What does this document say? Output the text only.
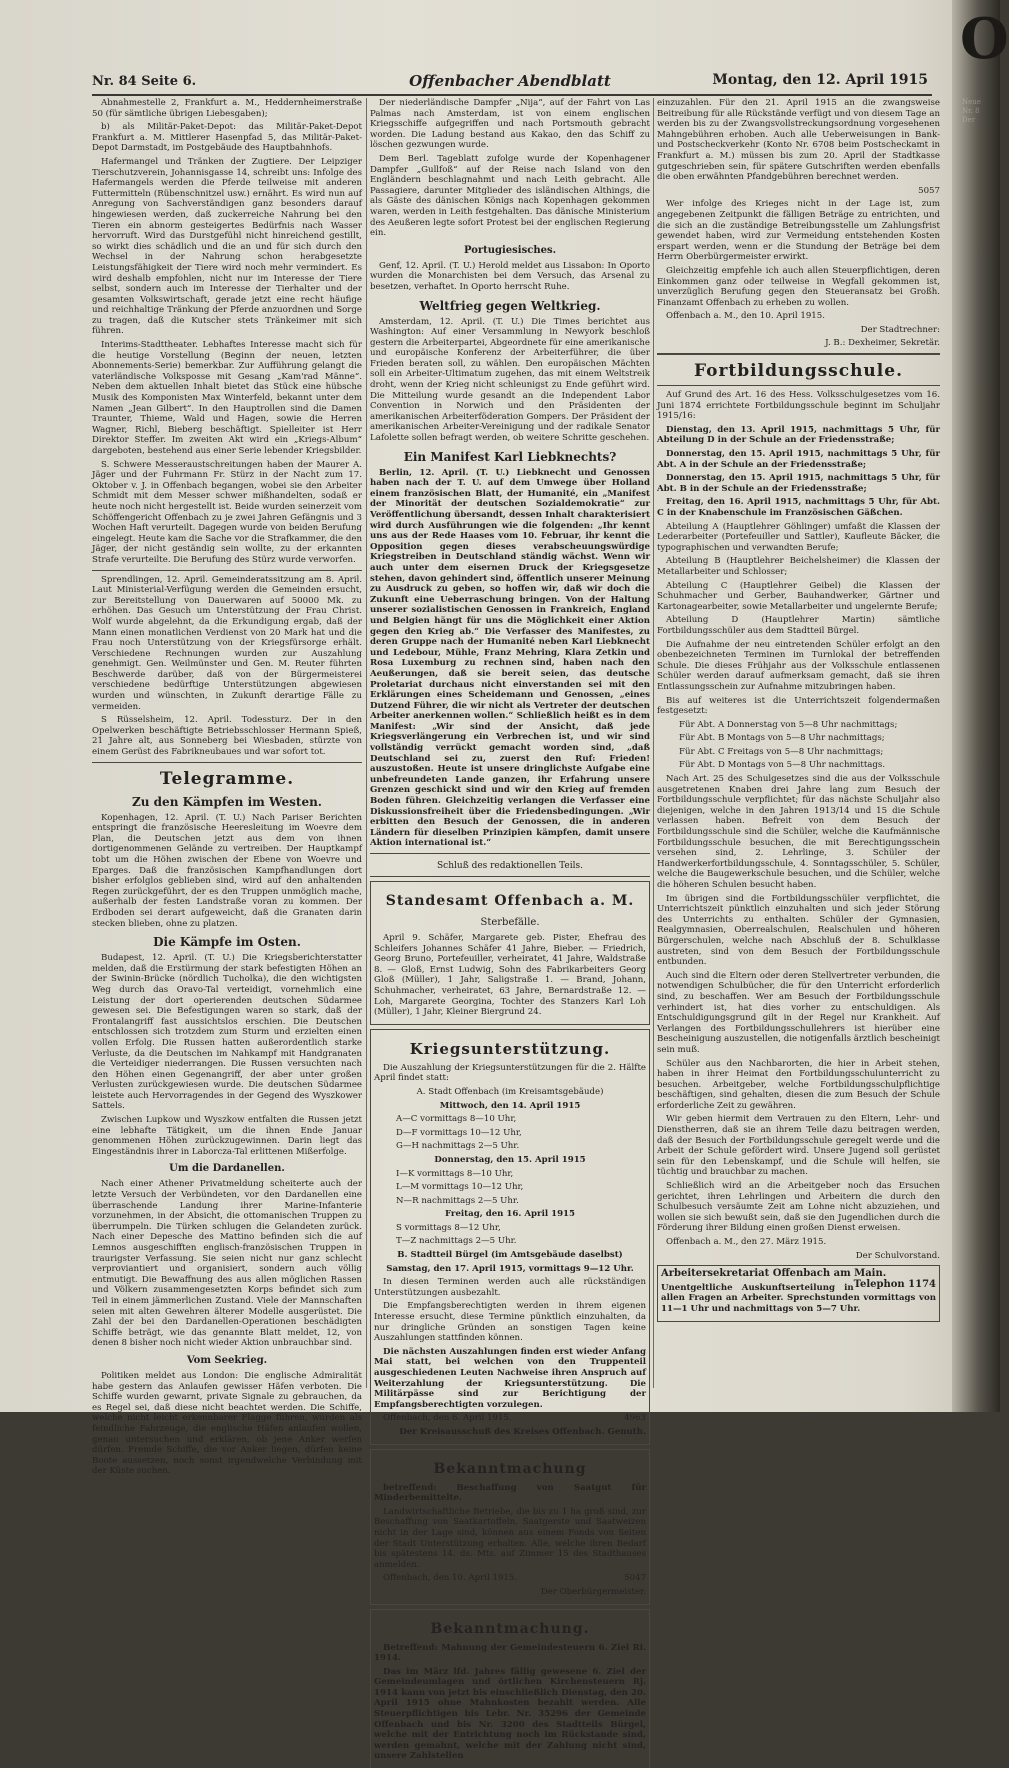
O
Nr. 84 Seite 6.	Offenbacher Abendblatt	Montag, den 12. April 1915

Abnahmestelle 2, Frankfurt a. M., Heddernheimerstraße 50 (für sämtliche übrigen Liebesgaben);

b) als Militär-Paket-Depot: das Militär-Paket-Depot Frankfurt a. M. Mittlerer Hasenpfad 5, das Militär-Paket-Depot Darmstadt, im Postgebäude des Hauptbahnhofs.

Hafermangel und Tränken der Zugtiere. Der Leipziger Tierschutzverein, Johannisgasse 14, schreibt uns: Infolge des Hafermangels werden die Pferde teilweise mit anderen Futtermitteln (Rübenschnitzel usw.) ernährt. Es wird nun auf Anregung von Sachverständigen ganz besonders darauf hingewiesen werden, daß zuckerreiche Nahrung bei den Tieren ein abnorm gesteigertes Bedürfnis nach Wasser hervorruft. Wird das Durstgefühl nicht hinreichend gestillt, so wirkt dies schädlich und die an und für sich durch den Wechsel in der Nahrung schon herabgesetzte Leistungsfähigkeit der Tiere wird noch mehr vermindert. Es wird deshalb empfohlen, nicht nur im Interesse der Tiere selbst, sondern auch im Interesse der Tierhalter und der gesamten Volkswirtschaft, gerade jetzt eine recht häufige und reichhaltige Tränkung der Pferde anzuordnen und Sorge zu tragen, daß die Kutscher stets Tränkeimer mit sich führen.

Interims-Stadttheater. Lebhaftes Interesse macht sich für die heutige Vorstellung (Beginn der neuen, letzten Abonnements-Serie) bemerkbar. Zur Aufführung gelangt die vaterländische Volksposse mit Gesang „Kam'rad Männe“. Neben dem aktuellen Inhalt bietet das Stück eine hübsche Musik des Komponisten Max Winterfeld, bekannt unter dem Namen „Jean Gilbert“. In den Hauptrollen sind die Damen Traunter, Thieme, Wald und Hagen, sowie die Herren Wagner, Richl, Bieberg beschäftigt. Spielleiter ist Herr Direktor Steffer. Im zweiten Akt wird ein „Kriegs-Album“ dargeboten, bestehend aus einer Serie lebender Kriegsbilder.

S. Schwere Messeraustschreitungen haben der Maurer A. Jäger und der Fuhrmann Fr. Stürz in der Nacht zum 17. Oktober v. J. in Offenbach begangen, wobei sie den Arbeiter Schmidt mit dem Messer schwer mißhandelten, sodaß er heute noch nicht hergestellt ist. Beide wurden seinerzeit vom Schöffengericht Offenbach zu je zwei Jahren Gefängnis und 3 Wochen Haft verurteilt. Dagegen wurde von beiden Berufung eingelegt. Heute kam die Sache vor die Strafkammer, die den Jäger, der nicht geständig sein wollte, zu der erkannten Strafe verurteilte. Die Berufung des Stürz wurde verworfen.

Sprendlingen, 12. April. Gemeinderatssitzung am 8. April. Laut Ministerial-Verfügung werden die Gemeinden ersucht, zur Bereitstellung von Dauerwaren auf 50000 Mk. zu erhöhen. Das Gesuch um Unterstützung der Frau Christ. Wolf wurde abgelehnt, da die Erkundigung ergab, daß der Mann einen monatlichen Verdienst von 20 Mark hat und die Frau noch Unterstützung von der Kriegsfürsorge erhält. Verschiedene Rechnungen wurden zur Auszahlung genehmigt. Gen. Weilmünster und Gen. M. Reuter führten Beschwerde darüber, daß von der Bürgermeisterei verschiedene bedürftige Unterstützungen abgewiesen wurden und wünschten, in Zukunft derartige Fälle zu vermeiden.

S Rüsselsheim, 12. April. Todessturz. Der in den Opelwerken beschäftigte Betriebsschlosser Hermann Spieß, 21 Jahre alt, aus Sonneberg bei Wiesbaden, stürzte von einem Gerüst des Fabrikneubaues und war sofort tot.

Telegramme.
Zu den Kämpfen im Westen.

Kopenhagen, 12. April. (T. U.) Nach Pariser Berichten entspringt die französische Heeresleitung im Woevre dem Plan, die Deutschen jetzt aus dem von ihnen dortigenommenen Gelände zu vertreiben. Der Hauptkampf tobt um die Höhen zwischen der Ebene von Woevre und Eparges. Daß die französischen Kampfhandlungen dort bisher erfolglos geblieben sind, wird auf den anhaltenden Regen zurückgeführt, der es den Truppen unmöglich mache, außerhalb der festen Landstraße voran zu kommen. Der Erdboden sei derart aufgeweicht, daß die Granaten darin stecken blieben, ohne zu platzen.

Die Kämpfe im Osten.

Budapest, 12. April. (T. U.) Die Kriegsberichterstatter melden, daß die Erstürmung der stark befestigten Höhen an der Swinin-Brücke (nördlich Tucholka), die den wichtigsten Weg durch das Oravo-Tal verteidigt, vornehmlich eine Leistung der dort operierenden deutschen Südarmee gewesen sei. Die Befestigungen waren so stark, daß der Frontalangriff fast aussichtslos erschien. Die Deutschen entschlossen sich trotzdem zum Sturm und erzielten einen vollen Erfolg. Die Russen hatten außerordentlich starke Verluste, da die Deutschen im Nahkampf mit Handgranaten die Verteidiger niederrangen. Die Russen versuchten nach den Höhen einen Gegenangriff, der aber unter großen Verlusten zurückgewiesen wurde. Die deutschen Südarmee leistete auch Hervorragendes in der Gegend des Wyszkower Sattels.

Zwischen Lupkow und Wyszkow entfalten die Russen jetzt eine lebhafte Tätigkeit, um die ihnen Ende Januar genommenen Höhen zurückzugewinnen. Darin liegt das Eingeständnis ihrer in Laborcza-Tal erlittenen Mißerfolge.

Um die Dardanellen.

Nach einer Athener Privatmeldung scheiterte auch der letzte Versuch der Verbündeten, vor den Dardanellen eine überraschende Landung ihrer Marine-Infanterie vorzunehmen, in der Absicht, die ottomanischen Truppen zu überrumpeln. Die Türken schlugen die Gelandeten zurück. Nach einer Depesche des Mattino befinden sich die auf Lemnos ausgeschifften englisch-französischen Truppen in traurigster Verfassung. Sie seien nicht nur ganz schlecht verproviantiert und organisiert, sondern auch völlig entmutigt. Die Bewaffnung des aus allen möglichen Rassen und Völkern zusammengesetzten Korps befindet sich zum Teil in einem jämmerlichen Zustand. Viele der Mannschaften seien mit alten Gewehren älterer Modelle ausgerüstet. Die Zahl der bei den Dardanellen-Operationen beschädigten Schiffe beträgt, wie das genannte Blatt meldet, 12, von denen 8 bisher noch nicht wieder Aktion unbrauchbar sind.

Vom Seekrieg.

Politiken meldet aus London: Die englische Admiralität habe gestern das Anlaufen gewisser Häfen verboten. Die Schiffe wurden gewarnt, private Signale zu gebrauchen, da es Regel sei, daß diese nicht beachtet werden. Die Schiffe, welche nicht leicht erkennbarer Flagge führen, würden als feindliche Fahrzeuge, die englische Häfen anlaufen wollen, genau untersuchen und erklären, ob jene Anker werfen dürfen. Fremde Schiffe, die vor Anker liegen, dürfen keine Boote aussetzen, noch sonst irgendwelche Verbindung mit der Küste suchen.

Der niederländische Dampfer „Nija“, auf der Fahrt von Las Palmas nach Amsterdam, ist von einem englischen Kriegsschiffe aufgegriffen und nach Portsmouth gebracht worden. Die Ladung bestand aus Kakao, den das Schiff zu löschen gezwungen wurde.

Dem Berl. Tageblatt zufolge wurde der Kopenhagener Dampfer „Gullfoß“ auf der Reise nach Island von den Engländern beschlagnahmt und nach Leith gebracht. Alle Passagiere, darunter Mitglieder des isländischen Althings, die als Gäste des dänischen Königs nach Kopenhagen gekommen waren, werden in Leith festgehalten. Das dänische Ministerium des Aeußeren legte sofort Protest bei der englischen Regierung ein.

Portugiesisches.

Genf, 12. April. (T. U.) Herold meldet aus Lissabon: In Oporto wurden die Monarchisten bei dem Versuch, das Arsenal zu besetzen, verhaftet. In Oporto herrscht Ruhe.

Weltfrieg gegen Weltkrieg.

Amsterdam, 12. April. (T. U.) Die Times berichtet aus Washington: Auf einer Versammlung in Newyork beschloß gestern die Arbeiterpartei, Abgeordnete für eine amerikanische und europäische Konferenz der Arbeiterführer, die über Frieden beraten soll, zu wählen. Den europäischen Mächten soll ein Arbeiter-Ultimatum zugehen, das mit einem Weltstreik droht, wenn der Krieg nicht schleunigst zu Ende geführt wird. Die Mitteilung wurde gesandt an die Independent Labor Convention in Norwich und den Präsidenten der amerikanischen Arbeiterföderation Gompers. Der Präsident der amerikanischen Arbeiter-Vereinigung und der radikale Senator Lafolette sollen befragt werden, ob weitere Schritte geschehen.

Ein Manifest Karl Liebknechts?

Berlin, 12. April. (T. U.) Liebknecht und Genossen haben nach der T. U. auf dem Umwege über Holland einem französischen Blatt, der Humanité, ein „Manifest der Minorität der deutschen Sozialdemokratie“ zur Veröffentlichung übersandt, dessen Inhalt charakterisiert wird durch Ausführungen wie die folgenden: „Ihr kennt uns aus der Rede Haases vom 10. Februar, ihr kennt die Opposition gegen dieses verabscheuungswürdige Kriegstreiben in Deutschland ständig wächst. Wenn wir auch unter dem eisernen Druck der Kriegsgesetze stehen, davon gehindert sind, öffentlich unserer Meinung zu Ausdruck zu geben, so hoffen wir, daß wir doch die Zukunft eine Ueberraschung bringen. Von der Haltung unserer sozialistischen Genossen in Frankreich, England und Belgien hängt für uns die Möglichkeit einer Aktion gegen den Krieg ab.“ Die Verfasser des Manifestes, zu deren Gruppe nach der Humanité neben Karl Liebknecht und Ledebour, Mühle, Franz Mehring, Klara Zetkin und Rosa Luxemburg zu rechnen sind, haben nach den Aeußerungen, daß sie bereit seien, das deutsche Proletariat durchaus nicht einverstanden sei mit den Erklärungen eines Scheidemann und Genossen, „eines Dutzend Führer, die wir nicht als Vertreter der deutschen Arbeiter anerkennen wollen.“ Schließlich heißt es in dem Manifest: „Wir sind der Ansicht, daß jede Kriegsverlängerung ein Verbrechen ist, und wir sind vollständig verrückt gemacht worden sind, „daß Deutschland sei zu, zuerst den Ruf: Frieden! auszustoßen. Heute ist unsere dringlichste Aufgabe eine unbefreundeten Lande ganzen, ihr Erfahrung unsere Grenzen geschickt sind und wir den Krieg auf fremden Boden führen. Gleichzeitig verlangen die Verfasser eine Diskussionsfreiheit über die Friedensbedingungen. „Wir erbitten den Besuch der Genossen, die in anderen Ländern für dieselben Prinzipien kämpfen, damit unsere Aktion international ist.“

Schluß des redaktionellen Teils.
Standesamt Offenbach a. M.
Sterbefälle.

April 9. Schäfer, Margarete geb. Pister, Ehefrau des Schleifers Johannes Schäfer 41 Jahre, Bieber. — Friedrich, Georg Bruno, Portefeuiller, verheiratet, 41 Jahre, Waldstraße 8. — Gloß, Ernst Ludwig, Sohn des Fabrikarbeiters Georg Gloß (Müller), 1 Jahr, Saligstraße 1. — Brand, Johann, Schuhmacher, verheiratet, 63 Jahre, Bernardstraße 12. — Loh, Margarete Georgina, Tochter des Stanzers Karl Loh (Müller), 1 Jahr, Kleiner Biergrund 24.

Kriegsunterstützung.

Die Auszahlung der Kriegsunterstützungen für die 2. Hälfte April findet statt:

A. Stadt Offenbach (im Kreisamtsgebäude)

Mittwoch, den 14. April 1915

A—C vormittags 8—10 Uhr,

D—F vormittags 10—12 Uhr,

G—H nachmittags 2—5 Uhr.

Donnerstag, den 15. April 1915

I—K vormittags 8—10 Uhr,

L—M vormittags 10—12 Uhr,

N—R nachmittags 2—5 Uhr.

Freitag, den 16. April 1915

S vormittags 8—12 Uhr,

T—Z nachmittags 2—5 Uhr.

B. Stadtteil Bürgel (im Amtsgebäude daselbst)

Samstag, den 17. April 1915, vormittags 9—12 Uhr.

In diesen Terminen werden auch alle rückständigen Unterstützungen ausbezahlt.

Die Empfangsberechtigten werden in ihrem eigenen Interesse ersucht, diese Termine pünktlich einzuhalten, da nur dringliche Gründen an sonstigen Tagen keine Auszahlungen stattfinden können.

Die nächsten Auszahlungen finden erst wieder Anfang Mai statt, bei welchen von den Truppenteil ausgeschiedenen Leuten Nachweise ihren Anspruch auf Weiterzahlung der Kriegsunterstützung. Die Militärpässe sind zur Berichtigung der Empfangsberechtigten vorzulegen.

Offenbach, den 6. April 1915.	4963

Der Kreisausschuß des Kreises Offenbach. Genuth.

Bekanntmachung

betreffend: Beschaffung von Saatgut für Minderbemittelte.

Landwirtschaftliche Betriebe, die bis zu 1 ha groß sind, zur Beschaffung von Saatkartoffeln, Saatgerste und Saatweizen nicht in der Lage sind, können aus einem Fonds von Seiten der Stadt Unterstützung erhalten. Alle, welche ihren Bedarf bis spätestens 14. ds. Mts. auf Zimmer 15 des Stadthauses anmelden.

Offenbach, den 10. April 1915.	5047

Der Oberbürgermeister.

Bekanntmachung.

Betreffend: Mahnung der Gemeindesteuern 6. Ziel Ri. 1914.

Das im März lfd. Jahres fällig gewesene 6. Ziel der Gemeindeumlagen und örtlichen Kirchensteuern Rj. 1914 kann von jetzt bis einschließlich Dienstag, den 20. April 1915 ohne Mahnkosten bezahlt werden. Alle Steuerpflichtigen bis Lebr. Nr. 35296 der Gemeinde Offenbach und bis Nr. 3200 des Stadtteils Bürgel, welche mit der Entrichtung noch im Rückstande sind, werden gemahnt, welche mit der Zahlung nicht sind, unsere Zahlstellen

einzuzahlen. Für den 21. April 1915 an die zwangsweise Beitreibung für alle Rückstände verfügt und von diesem Tage an werden bis zu der Zwangsvollstreckungsordnung vorgesehenen Mahngebühren erhoben. Auch alle Ueberweisungen in Bank- und Postscheckverkehr (Konto Nr. 6708 beim Postscheckamt in Frankfurt a. M.) müssen bis zum 20. April der Stadtkasse gutgeschrieben sein, für spätere Gutschriften werden ebenfalls die oben erwähnten Pfandgebühren berechnet werden.

5057

Wer infolge des Krieges nicht in der Lage ist, zum angegebenen Zeitpunkt die fälligen Beträge zu entrichten, und die sich an die zuständige Betreibungsstelle um Zahlungsfrist gewendet haben, wird zur Vermeidung entstehenden Kosten erspart werden, wenn er die Stundung der Beträge bei dem Herrn Oberbürgermeister erwirkt.

Gleichzeitig empfehle ich auch allen Steuerpflichtigen, deren Einkommen ganz oder teilweise in Wegfall gekommen ist, unverzüglich Berufung gegen den Steueransatz bei Großh. Finanzamt Offenbach zu erheben zu wollen.

Offenbach a. M., den 10. April 1915.

Der Stadtrechner:

J. B.: Dexheimer, Sekretär.

Fortbildungsschule.

Auf Grund des Art. 16 des Hess. Volksschulgesetzes vom 16. Juni 1874 errichtete Fortbildungsschule beginnt im Schuljahr 1915/16:

Dienstag, den 13. April 1915, nachmittags 5 Uhr, für Abteilung D in der Schule an der Friedensstraße;

Donnerstag, den 15. April 1915, nachmittags 5 Uhr, für Abt. A in der Schule an der Friedensstraße;

Donnerstag, den 15. April 1915, nachmittags 5 Uhr, für Abt. B in der Schule an der Friedensstraße;

Freitag, den 16. April 1915, nachmittags 5 Uhr, für Abt. C in der Knabenschule im Französischen Gäßchen.

Abteilung A (Hauptlehrer Göhlinger) umfaßt die Klassen der Lederarbeiter (Portefeuiller und Sattler), Kaufleute Bäcker, die typographischen und verwandten Berufe;

Abteilung B (Hauptlehrer Beichelsheimer) die Klassen der Metallarbeiter und Schlosser;

Abteilung C (Hauptlehrer Geibel) die Klassen der Schuhmacher und Gerber, Bauhandwerker, Gärtner und Kartonagearbeiter, sowie Metallarbeiter und ungelernte Berufe;

Abteilung D (Hauptlehrer Martin) sämtliche Fortbildungsschüler aus dem Stadtteil Bürgel.

Die Aufnahme der neu eintretenden Schüler erfolgt an den obenbezeichneten Terminen im Turnlokal der betreffenden Schule. Die dieses Frühjahr aus der Volksschule entlassenen Schüler werden darauf aufmerksam gemacht, daß sie ihren Entlassungsschein zur Aufnahme mitzubringen haben.

Bis auf weiteres ist die Unterrichtszeit folgendermaßen festgesetzt:

Für Abt. A Donnerstag von 5—8 Uhr nachmittags;

Für Abt. B Montags von 5—8 Uhr nachmittags;

Für Abt. C Freitags von 5—8 Uhr nachmittags;

Für Abt. D Montags von 5—8 Uhr nachmittags.

Nach Art. 25 des Schulgesetzes sind die aus der Volksschule ausgetretenen Knaben drei Jahre lang zum Besuch der Fortbildungsschule verpflichtet; für das nächste Schuljahr also diejenigen, welche in den Jahren 1913/14 und 15 die Schule verlassen haben. Befreit von dem Besuch der Fortbildungsschule sind die Schüler, welche die Kaufmännische Fortbildungsschule besuchen, die mit Berechtigungsschein versehen sind, 2. Lehrlinge, 3. Schüler der Handwerkerfortbildungsschule, 4. Sonntagsschüler, 5. Schüler, welche die Baugewerkschule besuchen, und die Schüler, welche die höheren Schulen besucht haben.

Im übrigen sind die Fortbildungsschüler verpflichtet, die Unterrichtszeit pünktlich einzuhalten und sich jeder Störung des Unterrichts zu enthalten. Schüler der Gymnasien, Realgymnasien, Oberrealschulen, Realschulen und höheren Bürgerschulen, welche nach Abschluß der 8. Schulklasse austreten, sind von dem Besuch der Fortbildungsschule entbunden.

Auch sind die Eltern oder deren Stellvertreter verbunden, die notwendigen Schulbücher, die für den Unterricht erforderlich sind, zu beschaffen. Wer am Besuch der Fortbildungsschule verhindert ist, hat dies vorher zu entschuldigen. Als Entschuldigungsgrund gilt in der Regel nur Krankheit. Auf Verlangen des Fortbildungsschullehrers ist hierüber eine Bescheinigung auszustellen, die notigenfalls ärztlich bescheinigt sein muß.

Schüler aus den Nachbarorten, die hier in Arbeit stehen, haben in ihrer Heimat den Fortbildungsschulunterricht zu besuchen. Arbeitgeber, welche Fortbildungsschulpflichtige beschäftigen, sind gehalten, diesen die zum Besuch der Schule erforderliche Zeit zu gewähren.

Wir geben hiermit dem Vertrauen zu den Eltern, Lehr- und Dienstherren, daß sie an ihrem Teile dazu beitragen werden, daß der Besuch der Fortbildungsschule geregelt werde und die Arbeit der Schule gefördert wird. Unsere Jugend soll gerüstet sein für den Lebenskampf, und die Schule will helfen, sie tüchtig und brauchbar zu machen.

Schließlich wird an die Arbeitgeber noch das Ersuchen gerichtet, ihren Lehrlingen und Arbeitern die durch den Schulbesuch versäumte Zeit am Lohne nicht abzuziehen, und wollen sie sich bewußt sein, daß sie den Jugendlichen durch die Förderung ihrer Bildung einen großen Dienst erweisen.

Offenbach a. M., den 27. März 1915.

Der Schulvorstand.

Arbeitersekretariat Offenbach am Main.
Telephon 1174

Unentgeltliche Auskunftserteilung in allen Fragen an Arbeiter. Sprechstunden vormittags von 11—1 Uhr und nachmittags von 5—7 Uhr.

Neue
Nr. 8
Der
